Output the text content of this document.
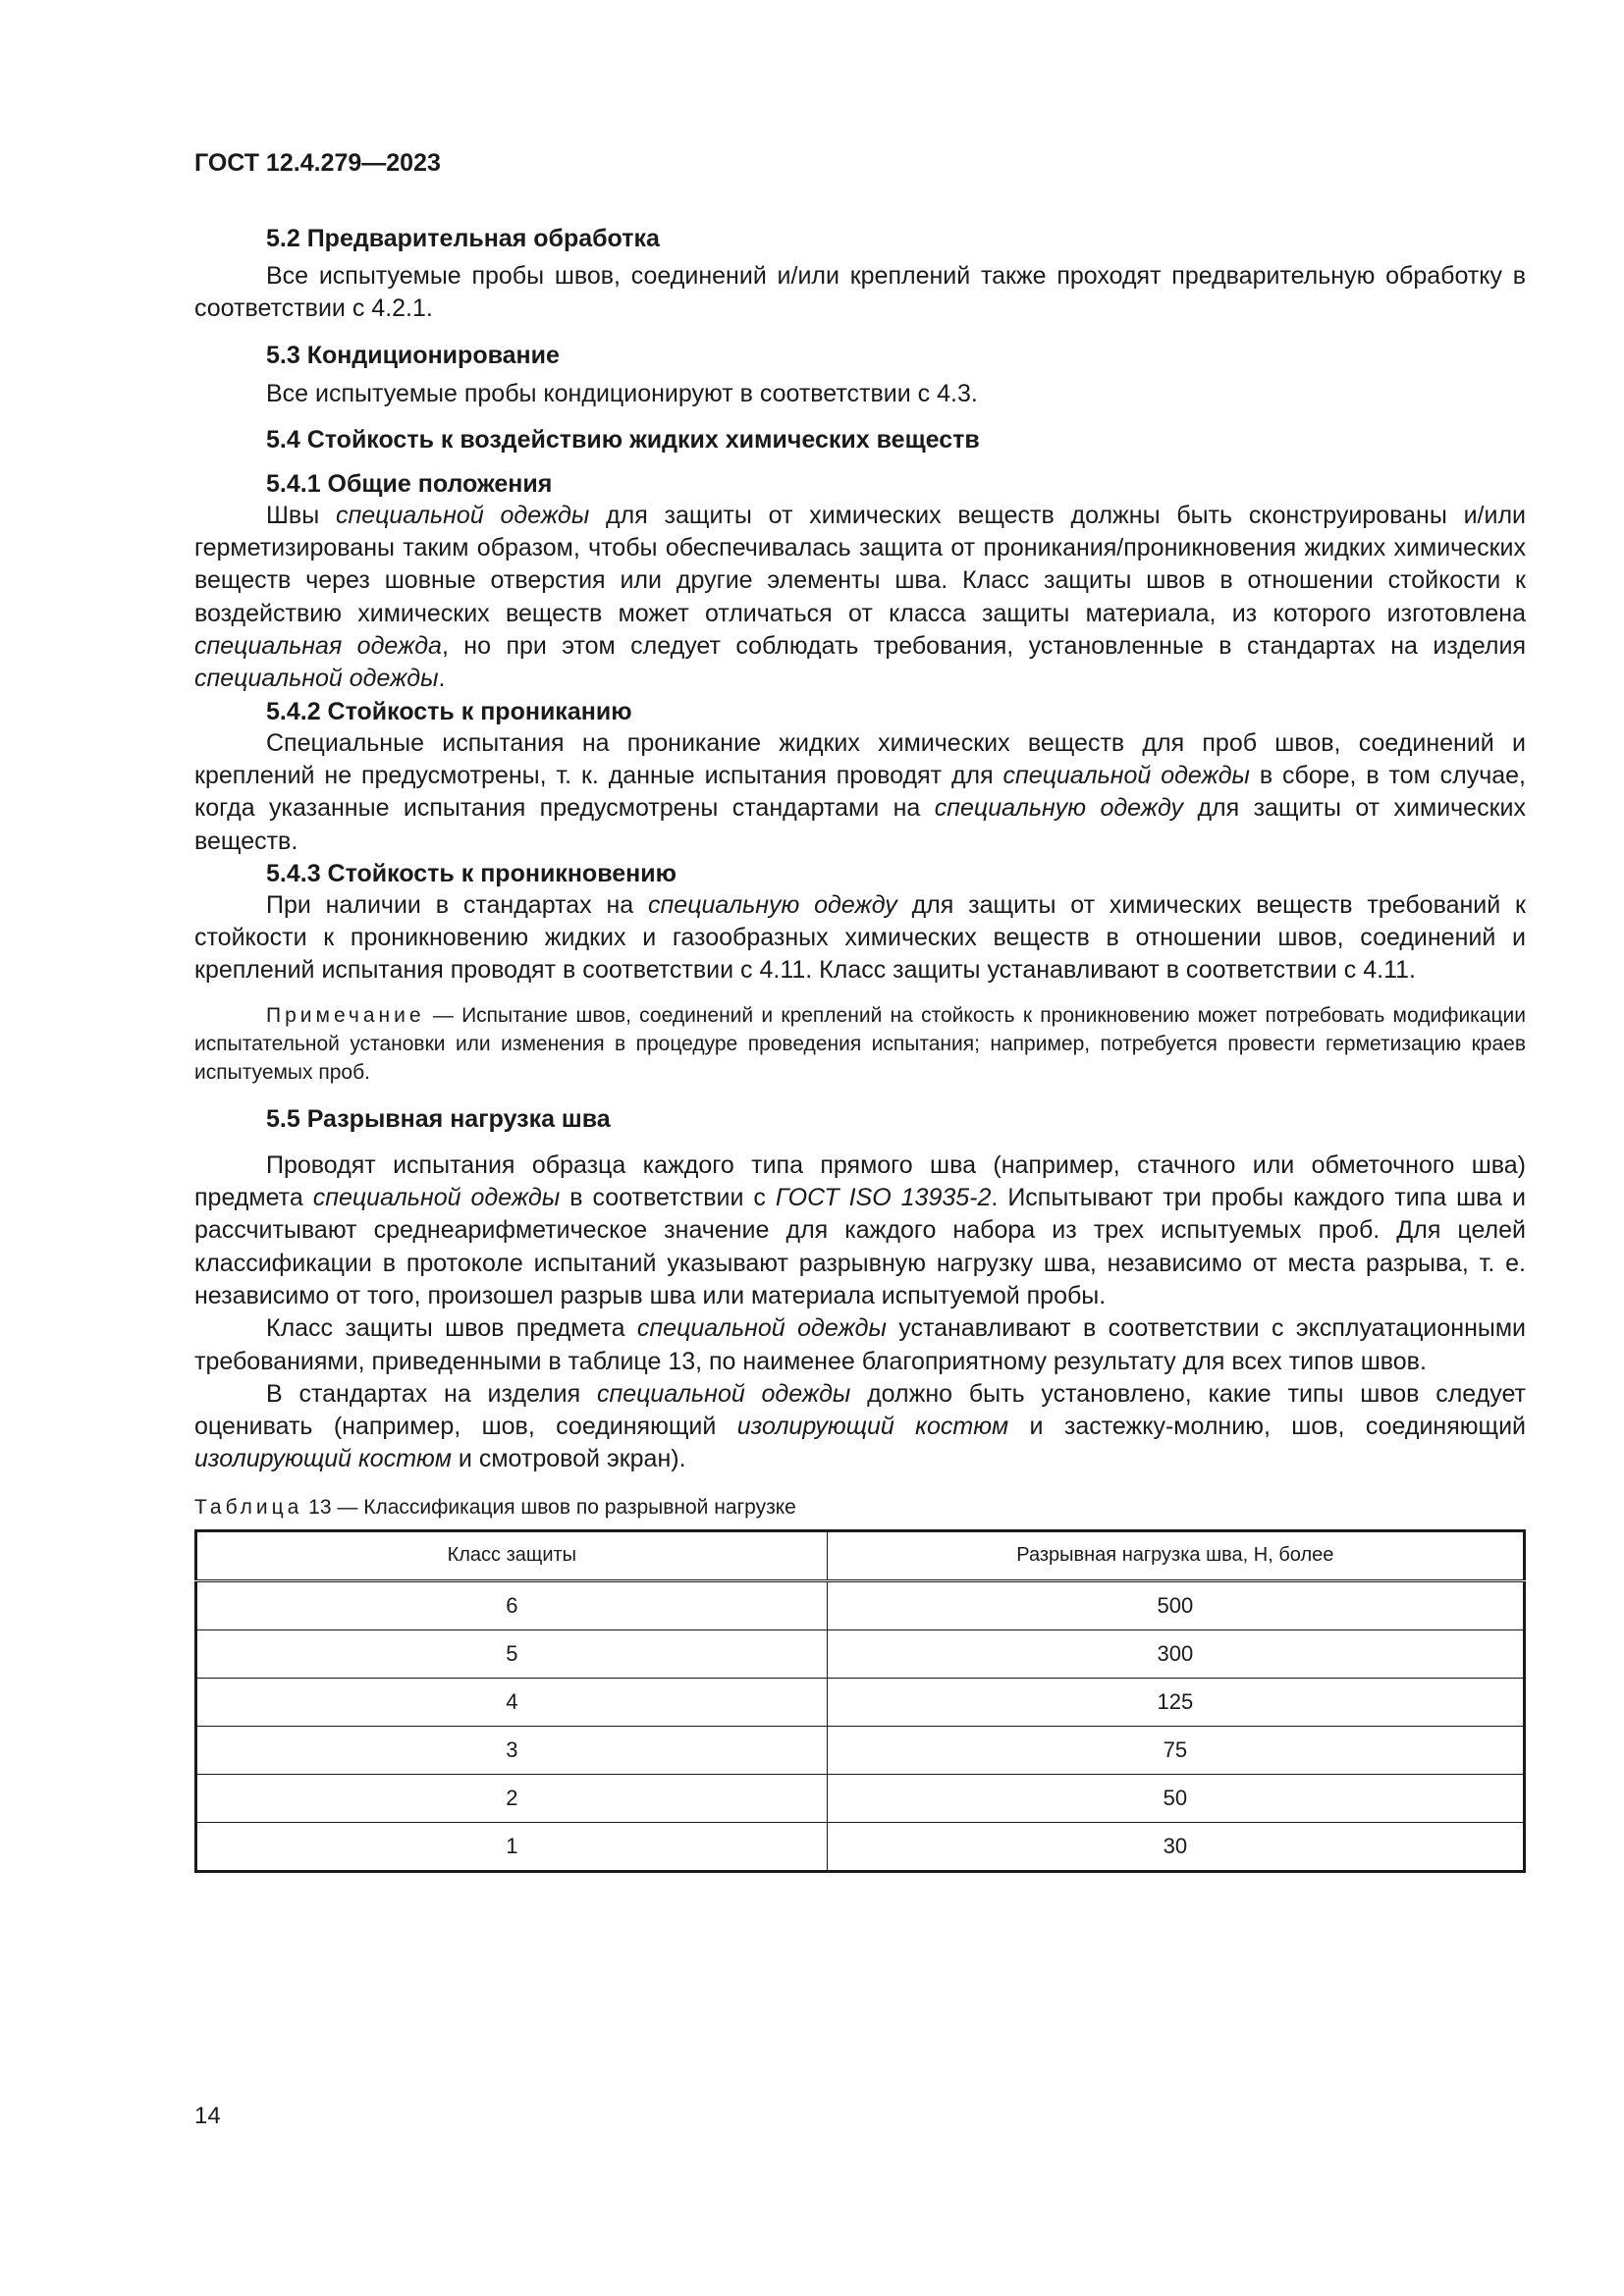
ГОСТ 12.4.279—2023

5.2 Предварительная обработка

Все испытуемые пробы швов, соединений и/или креплений также проходят предварительную обработку в соответствии с 4.2.1.

5.3 Кондиционирование

Все испытуемые пробы кондиционируют в соответствии с 4.3.

5.4 Стойкость к воздействию жидких химических веществ

5.4.1 Общие положения

Швы специальной одежды для защиты от химических веществ должны быть сконструированы и/или герметизированы таким образом, чтобы обеспечивалась защита от проникания/проникновения жидких химических веществ через шовные отверстия или другие элементы шва. Класс защиты швов в отношении стойкости к воздействию химических веществ может отличаться от класса защиты материала, из которого изготовлена специальная одежда, но при этом следует соблюдать требования, установленные в стандартах на изделия специальной одежды.

5.4.2 Стойкость к прониканию

Специальные испытания на проникание жидких химических веществ для проб швов, соединений и креплений не предусмотрены, т. к. данные испытания проводят для специальной одежды в сборе, в том случае, когда указанные испытания предусмотрены стандартами на специальную одежду для защиты от химических веществ.

5.4.3 Стойкость к проникновению

При наличии в стандартах на специальную одежду для защиты от химических веществ требований к стойкости к проникновению жидких и газообразных химических веществ в отношении швов, соединений и креплений испытания проводят в соответствии с 4.11. Класс защиты устанавливают в соответствии с 4.11.

Примечание — Испытание швов, соединений и креплений на стойкость к проникновению может потребовать модификации испытательной установки или изменения в процедуре проведения испытания; например, потребуется провести герметизацию краев испытуемых проб.

5.5 Разрывная нагрузка шва

Проводят испытания образца каждого типа прямого шва (например, стачного или обметочного шва) предмета специальной одежды в соответствии с ГОСТ ISO 13935-2. Испытывают три пробы каждого типа шва и рассчитывают среднеарифметическое значение для каждого набора из трех испытуемых проб. Для целей классификации в протоколе испытаний указывают разрывную нагрузку шва, независимо от места разрыва, т. е. независимо от того, произошел разрыв шва или материала испытуемой пробы.

Класс защиты швов предмета специальной одежды устанавливают в соответствии с эксплуатационными требованиями, приведенными в таблице 13, по наименее благоприятному результату для всех типов швов.

В стандартах на изделия специальной одежды должно быть установлено, какие типы швов следует оценивать (например, шов, соединяющий изолирующий костюм и застежку-молнию, шов, соединяющий изолирующий костюм и смотровой экран).

Таблица 13 — Классификация швов по разрывной нагрузке

Класс защиты	Разрывная нагрузка шва, Н, более
6	500
5	300
4	125
3	75
2	50
1	30

14
